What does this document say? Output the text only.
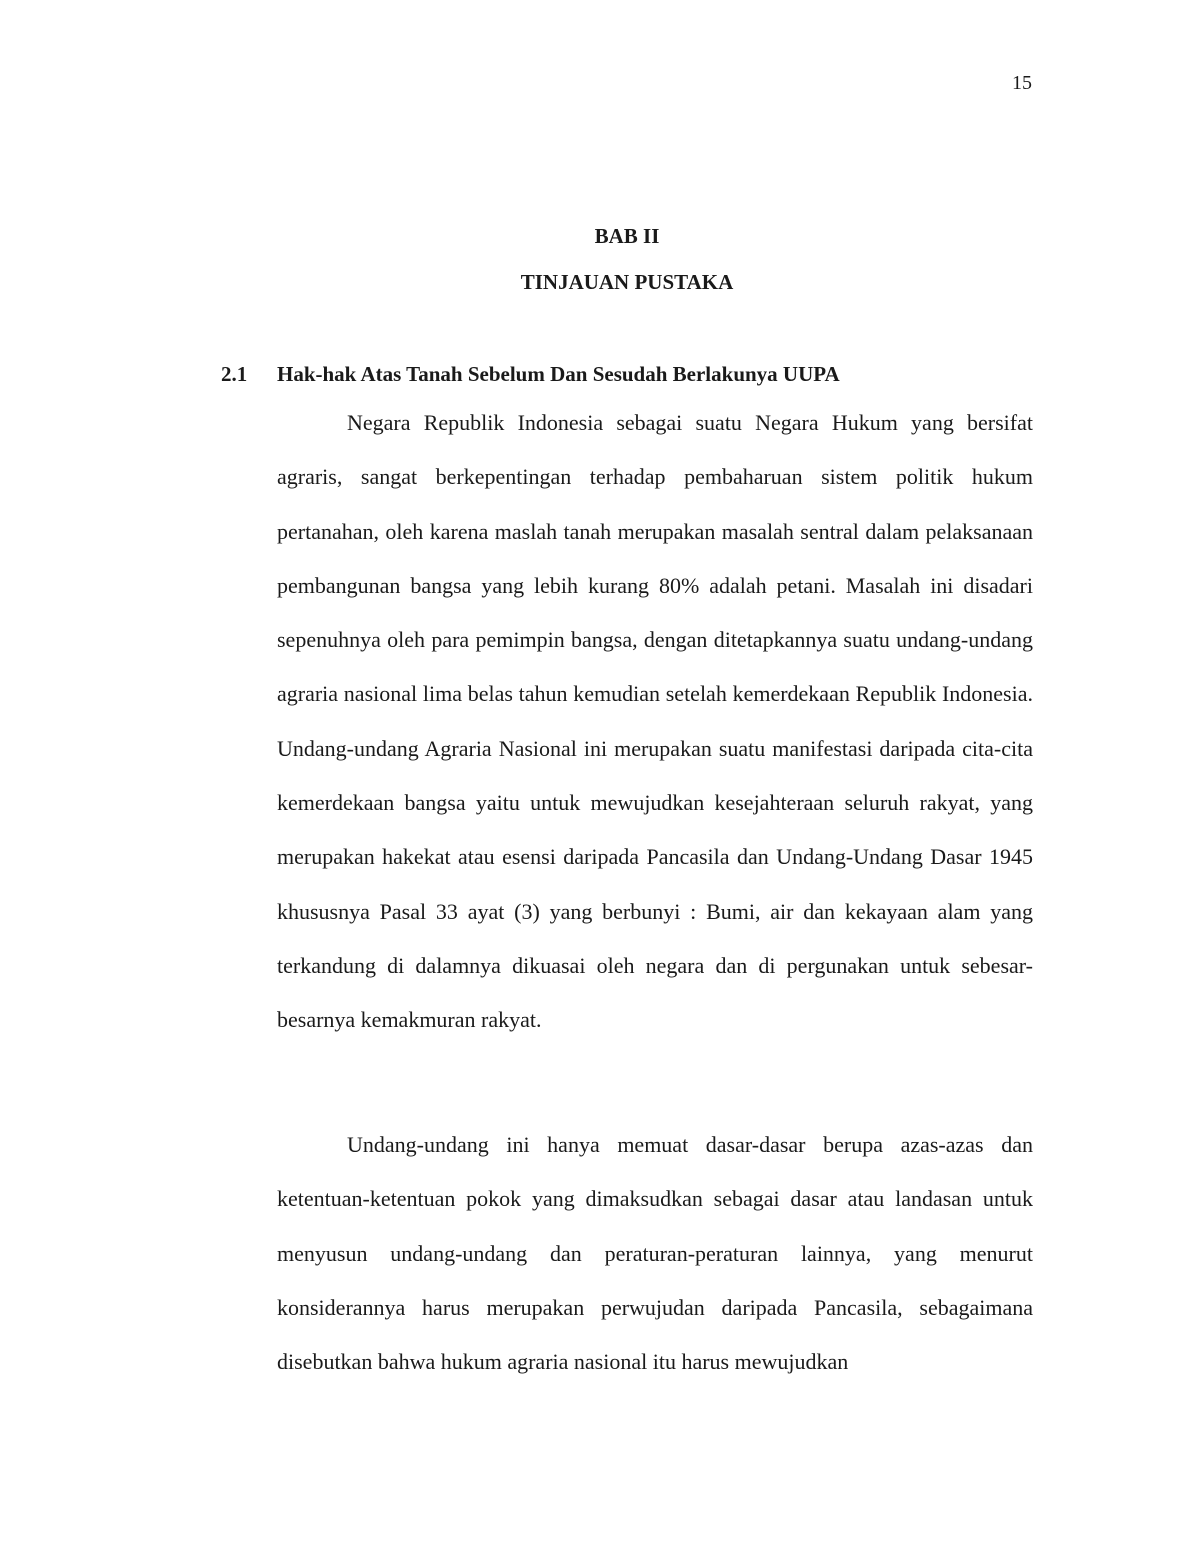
15
BAB II
TINJAUAN PUSTAKA
2.1 Hak-hak Atas Tanah Sebelum Dan Sesudah Berlakunya UUPA

Negara Republik Indonesia sebagai suatu Negara Hukum yang bersifat agraris, sangat berkepentingan terhadap pembaharuan sistem politik hukum pertanahan, oleh karena maslah tanah merupakan masalah sentral dalam pelaksanaan pembangunan bangsa yang lebih kurang 80% adalah petani. Masalah ini disadari sepenuhnya oleh para pemimpin bangsa, dengan ditetapkannya suatu undang-undang agraria nasional lima belas tahun kemudian setelah kemerdekaan Republik Indonesia. Undang-undang Agraria Nasional ini merupakan suatu manifestasi daripada cita-cita kemerdekaan bangsa yaitu untuk mewujudkan kesejahteraan seluruh rakyat, yang merupakan hakekat atau esensi daripada Pancasila dan Undang-Undang Dasar 1945 khususnya Pasal 33 ayat (3) yang berbunyi : Bumi, air dan kekayaan alam yang terkandung di dalamnya dikuasai oleh negara dan di pergunakan untuk sebesar-besarnya kemakmuran rakyat.

Undang-undang ini hanya memuat dasar-dasar berupa azas-azas dan ketentuan-ketentuan pokok yang dimaksudkan sebagai dasar atau landasan untuk menyusun undang-undang dan peraturan-peraturan lainnya, yang menurut konsiderannya harus merupakan perwujudan daripada Pancasila, sebagaimana disebutkan bahwa hukum agraria nasional itu harus mewujudkan
